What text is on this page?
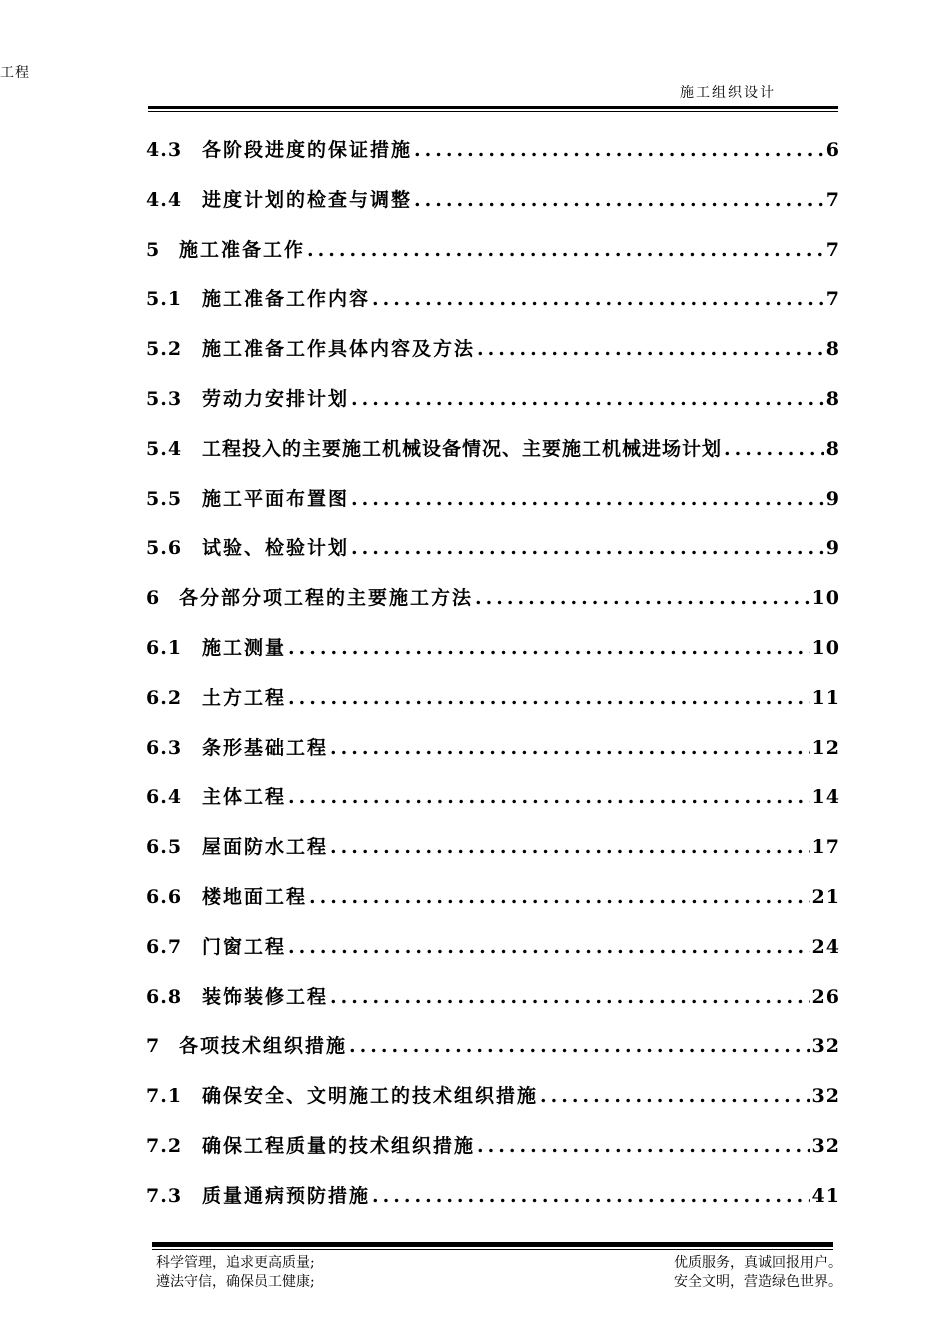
工程
施工组织设计
4.3	各阶段进度的保证措施 .....	6
4.4	进度计划的检查与调整 .....	7
5 施工准备工作 .....	7
5.1	施工准备工作内容 .....	7
5.2	施工准备工作具体内容及方法 .....	8
5.3	劳动力安排计划 .....	8
5.4	工程投入的主要施工机械设备情况、主要施工机械进场计划 .....	8
5.5	施工平面布置图 .....	9
5.6	试验、检验计划 .....	9
6 各分部分项工程的主要施工方法 .....	10
6.1	施工测量 .....	10
6.2	土方工程 .....	11
6.3	条形基础工程 .....	12
6.4	主体工程 .....	14
6.5	屋面防水工程 .....	17
6.6	楼地面工程 .....	21
6.7	门窗工程 .....	24
6.8	装饰装修工程 .....	26
7 各项技术组织措施 .....	32
7.1	确保安全、文明施工的技术组织措施 .....	32
7.2	确保工程质量的技术组织措施 .....	32
7.3	质量通病预防措施 .....	41
科学管理，追求更高质量;
遵法守信，确保员工健康;
优质服务，真诚回报用户。
安全文明，营造绿色世界。
